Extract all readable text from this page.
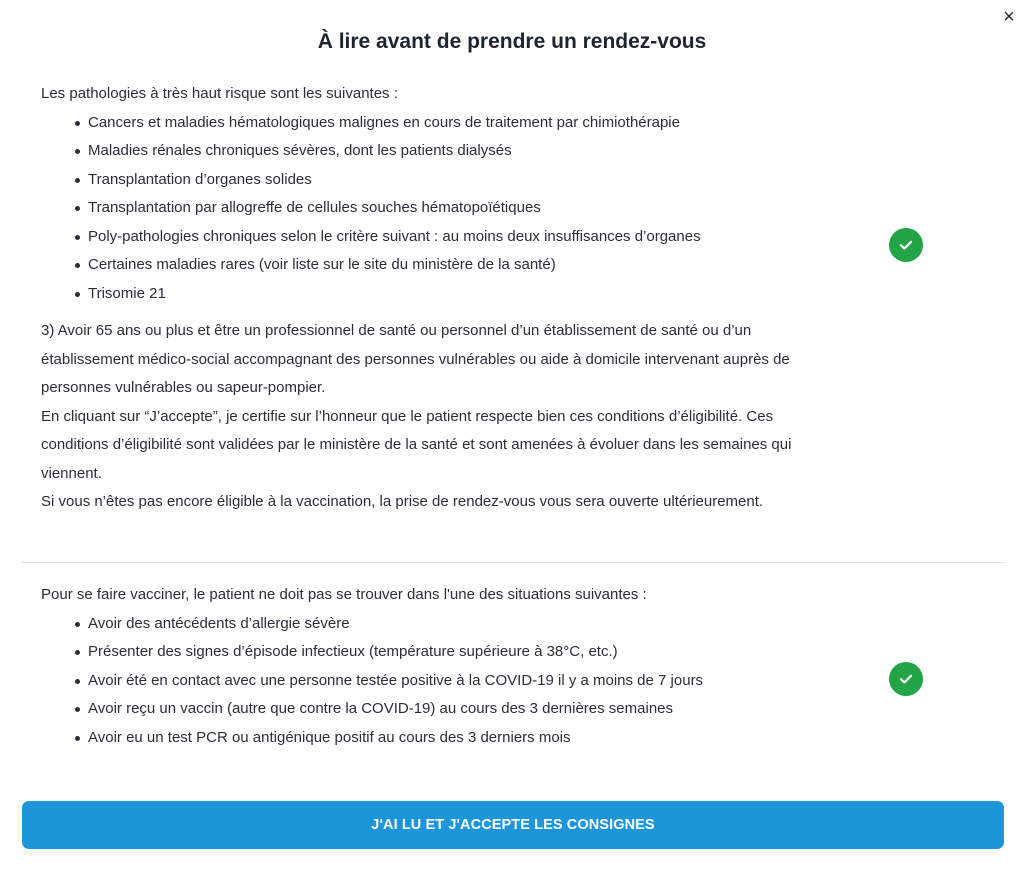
×
À lire avant de prendre un rendez-vous

Les pathologies à très haut risque sont les suivantes :

Cancers et maladies hématologiques malignes en cours de traitement par chimiothérapie
Maladies rénales chroniques sévères, dont les patients dialysés
Transplantation d’organes solides
Transplantation par allogreffe de cellules souches hématopoïétiques
Poly-pathologies chroniques selon le critère suivant : au moins deux insuffisances d’organes
Certaines maladies rares (voir liste sur le site du ministère de la santé)
Trisomie 21

3) Avoir 65 ans ou plus et être un professionnel de santé ou personnel d’un établissement de santé ou d’un établissement médico-social accompagnant des personnes vulnérables ou aide à domicile intervenant auprès de personnes vulnérables ou sapeur-pompier.

En cliquant sur “J’accepte”, je certifie sur l’honneur que le patient respecte bien ces conditions d’éligibilité. Ces conditions d’éligibilité sont validées par le ministère de la santé et sont amenées à évoluer dans les semaines qui viennent.

Si vous n’êtes pas encore éligible à la vaccination, la prise de rendez-vous vous sera ouverte ultérieurement.

Pour se faire vacciner, le patient ne doit pas se trouver dans l'une des situations suivantes :

Avoir des antécédents d’allergie sévère
Présenter des signes d’épisode infectieux (température supérieure à 38°C, etc.)
Avoir été en contact avec une personne testée positive à la COVID-19 il y a moins de 7 jours
Avoir reçu un vaccin (autre que contre la COVID-19) au cours des 3 dernières semaines
Avoir eu un test PCR ou antigénique positif au cours des 3 derniers mois
J'AI LU ET J'ACCEPTE LES CONSIGNES
